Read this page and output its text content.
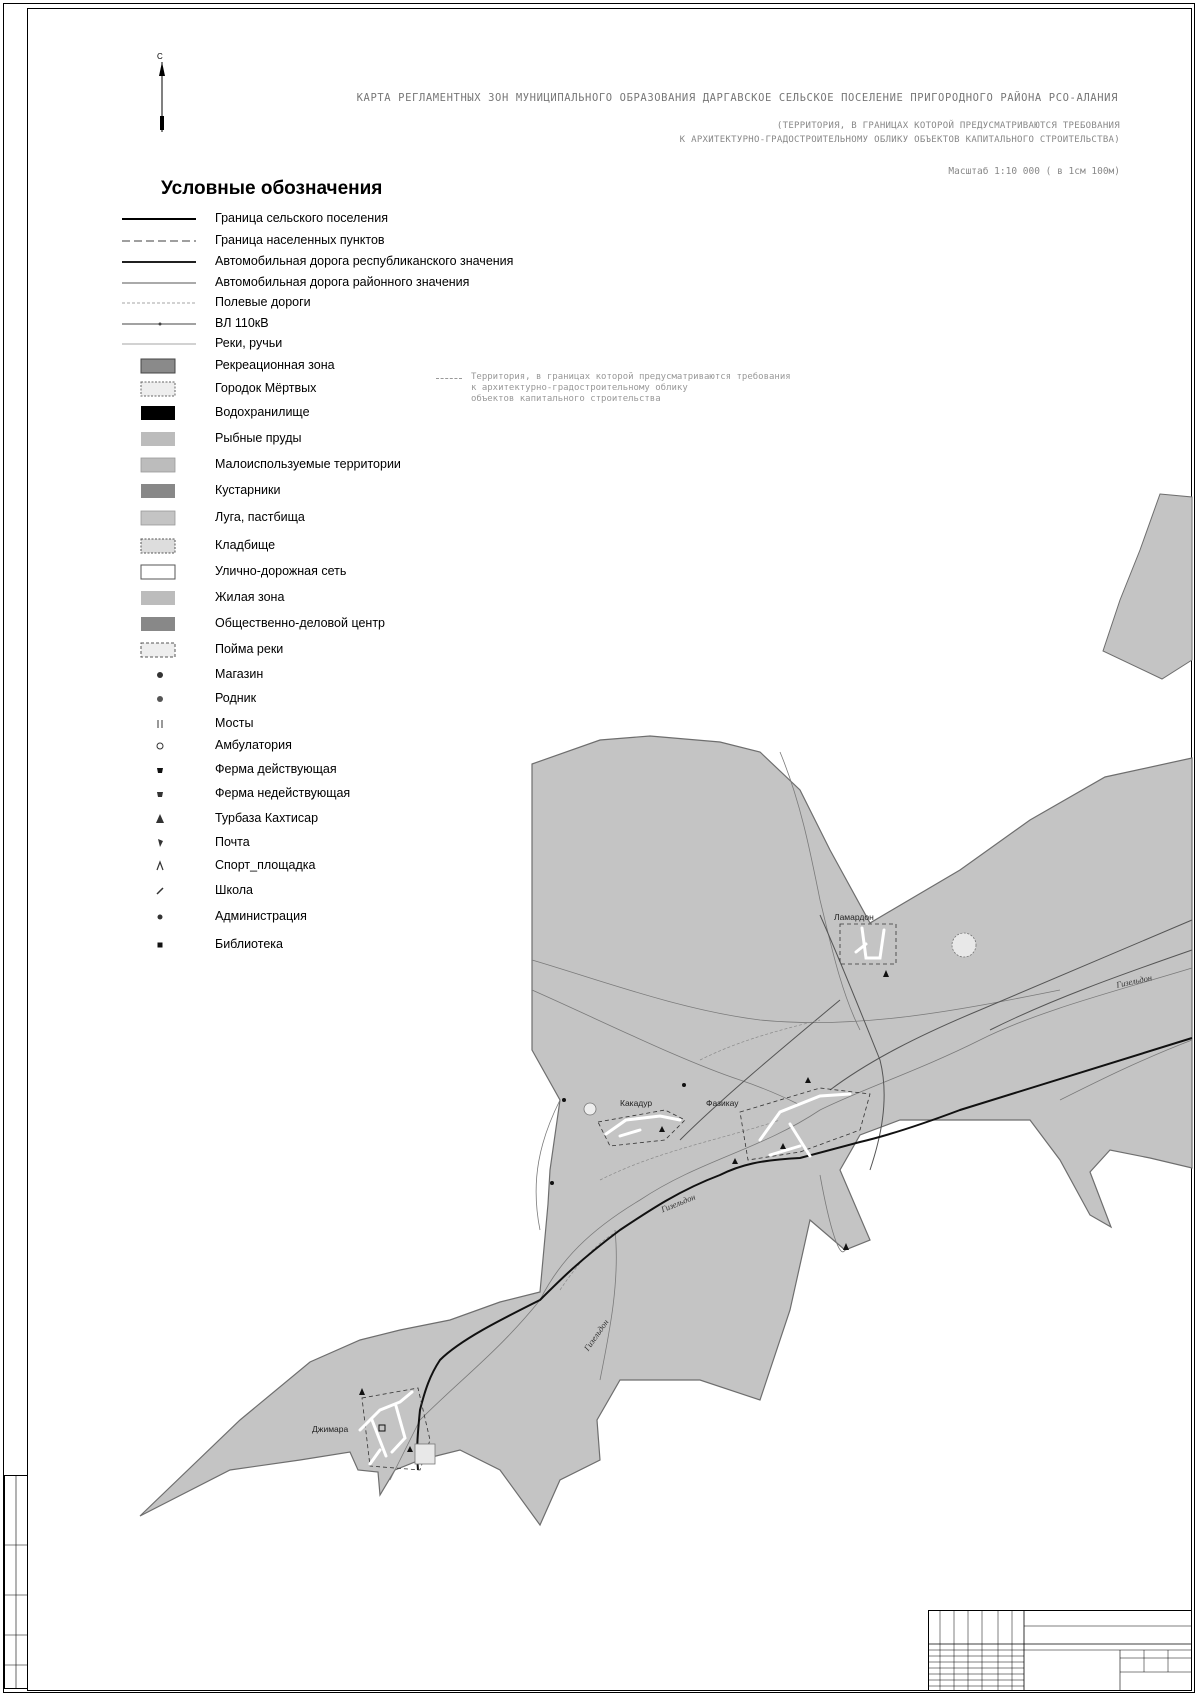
С
КАРТА РЕГЛАМЕНТНЫХ ЗОН МУНИЦИПАЛЬНОГО ОБРАЗОВАНИЯ ДАРГАВСКОЕ СЕЛЬСКОЕ ПОСЕЛЕНИЕ ПРИГОРОДНОГО РАЙОНА РСО-АЛАНИЯ
(ТЕРРИТОРИЯ, В ГРАНИЦАХ КОТОРОЙ ПРЕДУСМАТРИВАЮТСЯ ТРЕБОВАНИЯ
К АРХИТЕКТУРНО-ГРАДОСТРОИТЕЛЬНОМУ ОБЛИКУ ОБЪЕКТОВ КАПИТАЛЬНОГО СТРОИТЕЛЬСТВА)
Масштаб 1:10 000 ( в 1см 100м)
Условные обозначения
Граница сельского поселения
Граница населенных пунктов
Автомобильная дорога республиканского значения
Автомобильная дорога районного значения
Полевые дороги
ВЛ 110кВ
Реки, ручьи
Рекреационная зона
Городок Мёртвых
Водохранилище
Рыбные пруды
Малоиспользуемые территории
Кустарники
Луга, пастбища
Кладбище
Улично-дорожная сеть
Жилая зона
Общественно-деловой центр
Пойма реки
Магазин
Родник
Мосты
Амбулатория
Ферма действующая
Ферма недействующая
Турбаза Кахтисар
Почта
Спорт_площадка
Школа
Администрация
Библиотека
Территория, в границах которой предусматриваются требования
к архитектурно-градостроительному облику
объектов капитального строительства
Ламардон
Какадур	Фазикау
Джимара
Гизельдон
Гизельдон
Гизельдон
